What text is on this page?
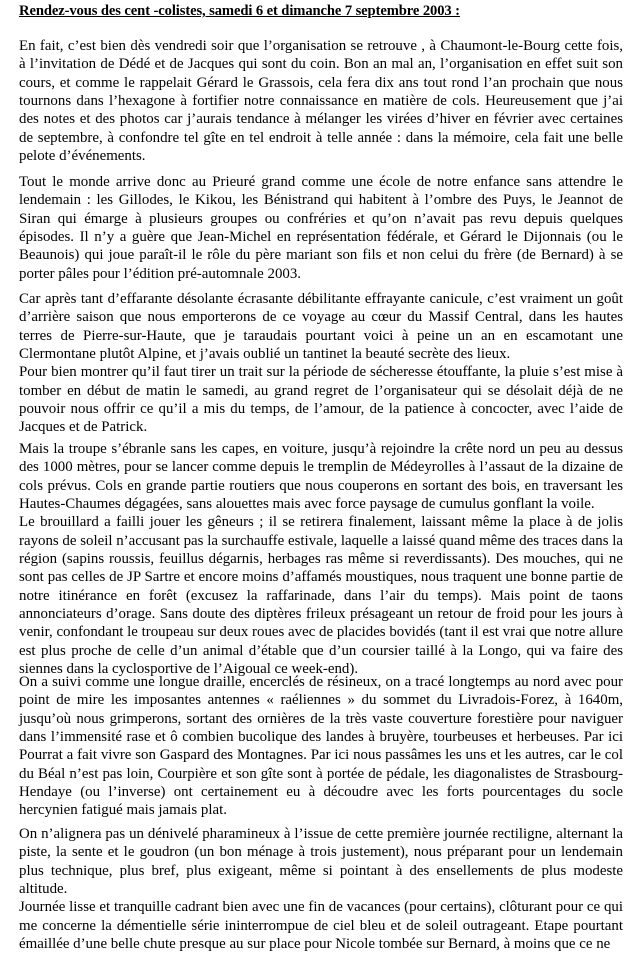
Rendez-vous des cent -colistes, samedi 6 et dimanche 7 septembre 2003 :
En fait, c’est bien dès vendredi soir que l’organisation se retrouve , à Chaumont-le-Bourg cette fois, à l’invitation de Dédé et de Jacques qui sont du coin. Bon an mal an, l’organisation en effet suit son cours, et comme le rappelait Gérard le Grassois, cela fera dix ans tout rond l’an prochain que nous tournons dans l’hexagone à fortifier notre connaissance en matière de cols. Heureusement que j’ai des notes et des photos car j’aurais tendance à mélanger les virées d’hiver en février avec certaines de septembre, à confondre tel gîte en tel endroit à telle année : dans la mémoire, cela fait une belle pelote d’événements.
Tout le monde arrive donc au Prieuré grand comme une école de notre enfance sans attendre le lendemain : les Gillodes, le Kikou, les Bénistrand qui habitent à l’ombre des Puys, le Jeannot de Siran qui émarge à plusieurs groupes ou confréries et qu’on n’avait pas revu depuis quelques épisodes. Il n’y a guère que Jean-Michel en représentation fédérale, et Gérard le Dijonnais (ou le Beaunois) qui joue paraît-il le rôle du père mariant son fils et non celui du frère (de Bernard) à se porter pâles pour l’édition pré-automnale 2003.
Car après tant d’effarante désolante écrasante débilitante effrayante canicule, c’est vraiment un goût d’arrière saison que nous emporterons de ce voyage au cœur du Massif Central, dans les hautes terres de Pierre-sur-Haute, que je taraudais pourtant voici à peine un an en escamotant une Clermontane plutôt Alpine, et j’avais oublié un tantinet la beauté secrète des lieux.
Pour bien montrer qu’il faut tirer un trait sur la période de sécheresse étouffante, la pluie s’est mise à tomber en début de matin le samedi, au grand regret de l’organisateur qui se désolait déjà de ne pouvoir nous offrir ce qu’il a mis du temps, de l’amour, de la patience à concocter, avec l’aide de Jacques et de Patrick.
Mais la troupe s’ébranle sans les capes, en voiture, jusqu’à rejoindre la crête nord un peu au dessus des 1000 mètres, pour se lancer comme depuis le tremplin de Médeyrolles à l’assaut de la dizaine de cols prévus. Cols en grande partie routiers que nous couperons en sortant des bois, en traversant les Hautes-Chaumes dégagées, sans alouettes mais avec force paysage de cumulus gonflant la voile.
Le brouillard a failli jouer les gêneurs ; il se retirera finalement, laissant même la place à de jolis rayons de soleil n’accusant pas la surchauffe estivale, laquelle a laissé quand même des traces dans la région (sapins roussis, feuillus dégarnis, herbages ras même si reverdissants). Des mouches, qui ne sont pas celles de JP Sartre et encore moins d’affamés moustiques, nous traquent une bonne partie de notre itinérance en forêt (excusez la raffarinade, dans l’air du temps). Mais point de taons annonciateurs d’orage. Sans doute des diptères frileux présageant un retour de froid pour les jours à venir, confondant le troupeau sur deux roues avec de placides bovidés (tant il est vrai que notre allure est plus proche de celle d’un animal d’étable que d’un coursier taillé à la Longo, qui va faire des siennes dans la cyclosportive de l’Aigoual ce week-end).
On a suivi comme une longue draille, encerclés de résineux, on a tracé longtemps au nord avec pour point de mire les imposantes antennes « raéliennes » du sommet du Livradois-Forez, à 1640m, jusqu’où nous grimperons, sortant des ornières de la très vaste couverture forestière pour naviguer dans l’immensité rase et ô combien bucolique des landes à bruyère, tourbeuses et herbeuses. Par ici Pourrat a fait vivre son Gaspard des Montagnes. Par ici nous passâmes les uns et les autres, car le col du Béal n’est pas loin, Courpière et son gîte sont à portée de pédale, les diagonalistes de Strasbourg-Hendaye (ou l’inverse) ont certainement eu à découdre avec les forts pourcentages du socle hercynien fatigué mais jamais plat.
On n’alignera pas un dénivelé pharamineux à l’issue de cette première journée rectiligne, alternant la piste, la sente et le goudron (un bon ménage à trois justement), nous préparant pour un lendemain plus technique, plus bref, plus exigeant, même si pointant à des ensellements de plus modeste altitude.
Journée lisse et tranquille cadrant bien avec une fin de vacances (pour certains), clôturant pour ce qui me concerne la démentielle série ininterrompue de ciel bleu et de soleil outrageant. Etape pourtant émaillée d’une belle chute presque au sur place pour Nicole tombée sur Bernard, à moins que ce ne
